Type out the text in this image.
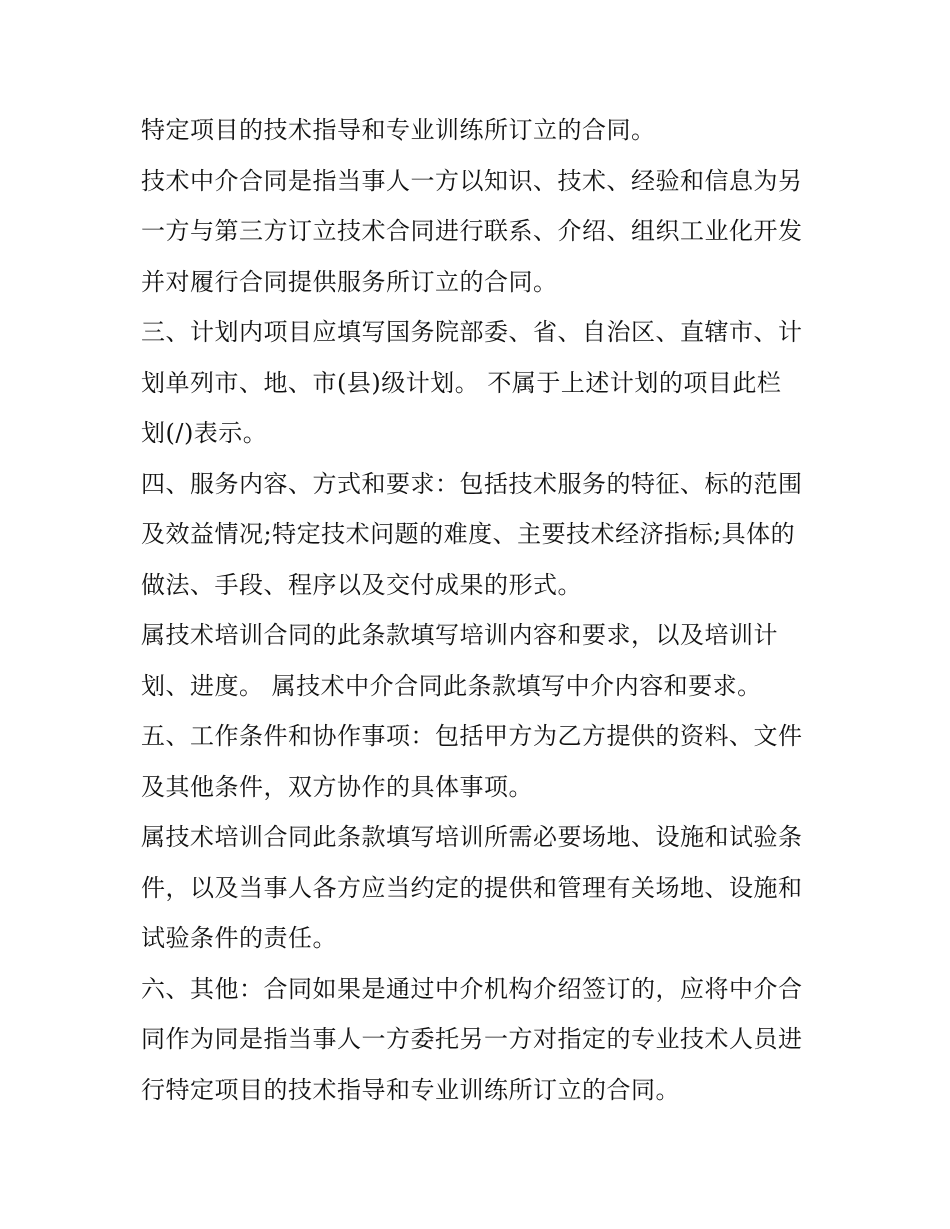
特定项目的技术指导和专业训练所订立的合同。
技术中介合同是指当事人一方以知识、技术、经验和信息为另
一方与第三方订立技术合同进行联系、介绍、组织工业化开发
并对履行合同提供服务所订立的合同。
三、计划内项目应填写国务院部委、省、自治区、直辖市、计
划单列市、地、市(县)级计划。 不属于上述计划的项目此栏
划(/)表示。
四、服务内容、方式和要求：包括技术服务的特征、标的范围
及效益情况;特定技术问题的难度、主要技术经济指标;具体的
做法、手段、程序以及交付成果的形式。
属技术培训合同的此条款填写培训内容和要求，以及培训计
划、进度。 属技术中介合同此条款填写中介内容和要求。
五、工作条件和协作事项：包括甲方为乙方提供的资料、文件
及其他条件，双方协作的具体事项。
属技术培训合同此条款填写培训所需必要场地、设施和试验条
件，以及当事人各方应当约定的提供和管理有关场地、设施和
试验条件的责任。
六、其他：合同如果是通过中介机构介绍签订的，应将中介合
同作为同是指当事人一方委托另一方对指定的专业技术人员进
行特定项目的技术指导和专业训练所订立的合同。
